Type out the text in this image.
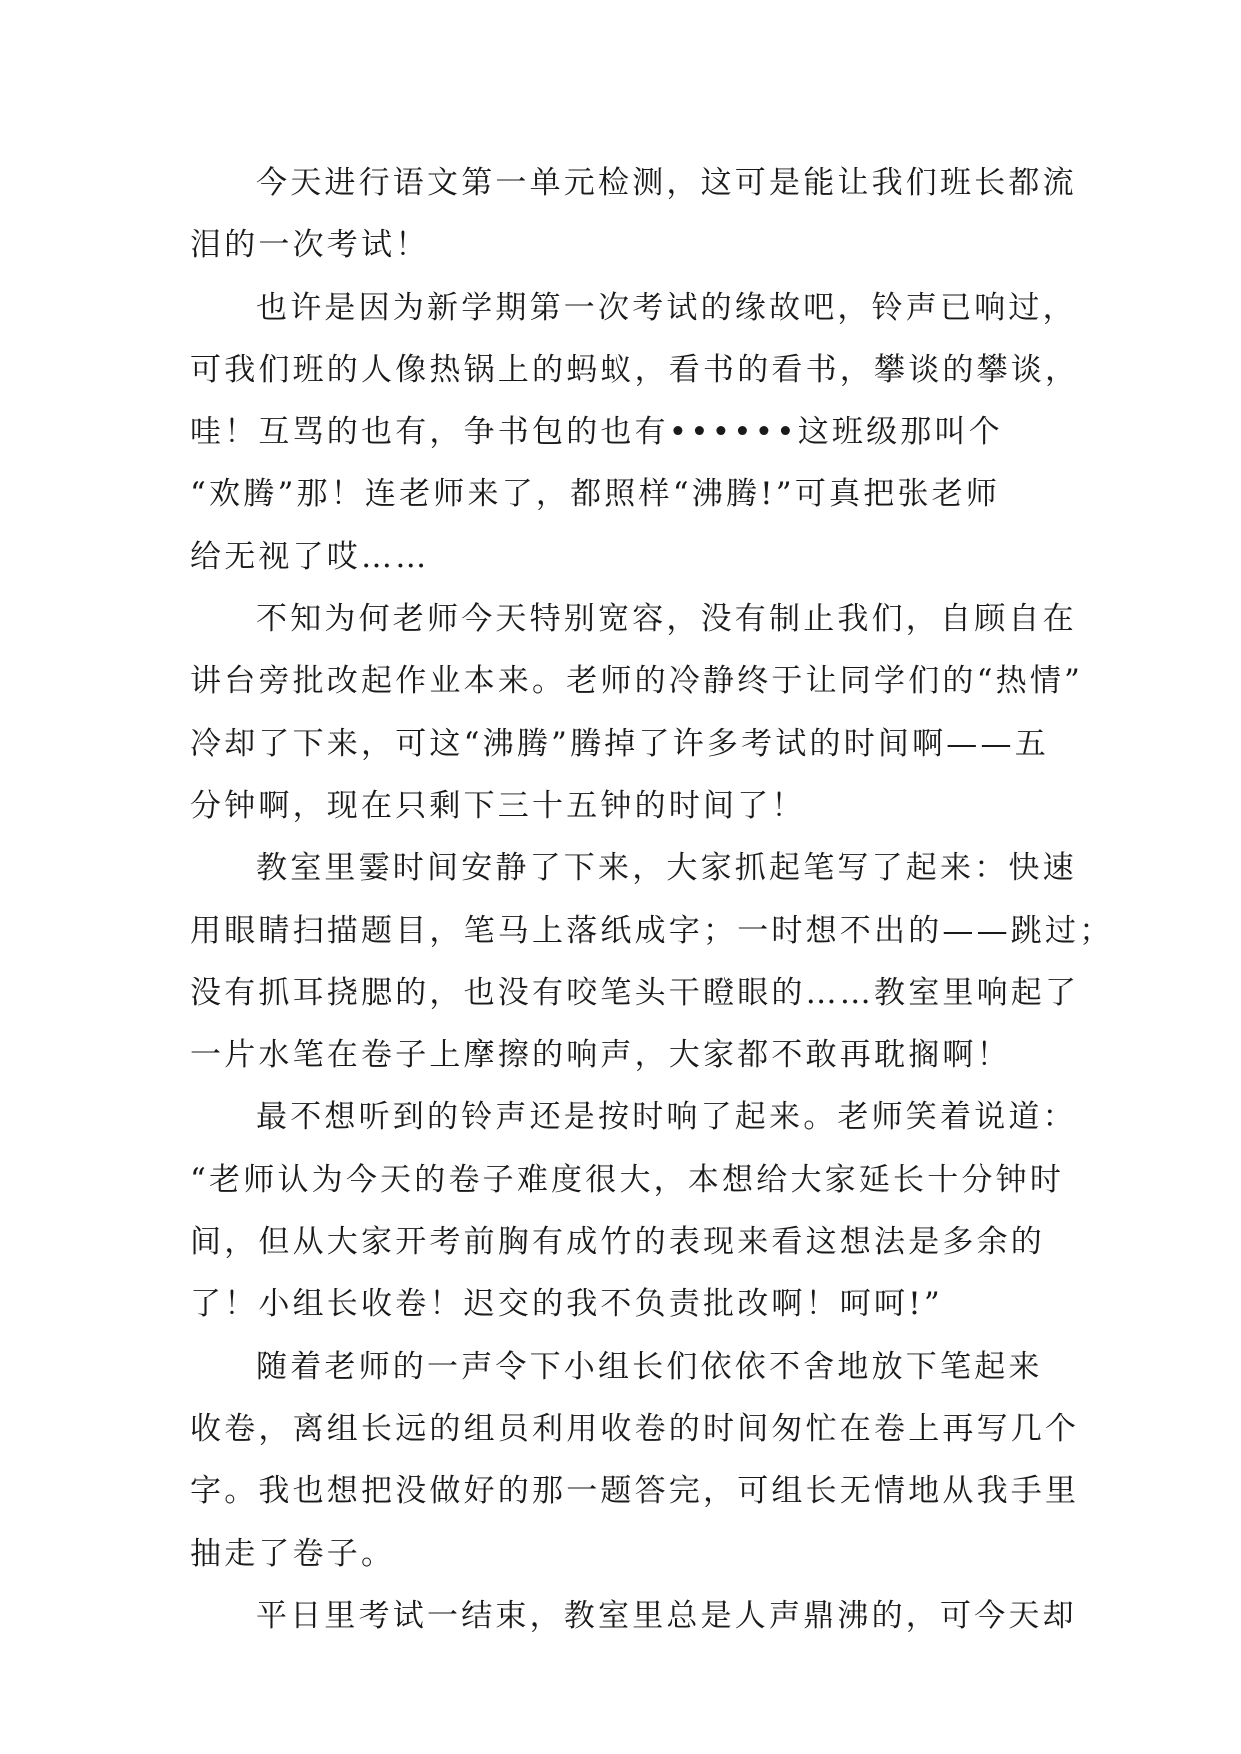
今天进行语文第一单元检测，这可是能让我们班长都流
泪的一次考试！
也许是因为新学期第一次考试的缘故吧，铃声已响过，
可我们班的人像热锅上的蚂蚁，看书的看书，攀谈的攀谈，
哇！互骂的也有，争书包的也有••••••这班级那叫个
“欢腾”那！连老师来了，都照样“沸腾!”可真把张老师
给无视了哎……
不知为何老师今天特别宽容，没有制止我们，自顾自在
讲台旁批改起作业本来。老师的冷静终于让同学们的“热情”
冷却了下来，可这“沸腾”腾掉了许多考试的时间啊——五
分钟啊，现在只剩下三十五钟的时间了！
教室里霎时间安静了下来，大家抓起笔写了起来：快速
用眼睛扫描题目，笔马上落纸成字；一时想不出的——跳过；
没有抓耳挠腮的，也没有咬笔头干瞪眼的……教室里响起了
一片水笔在卷子上摩擦的响声，大家都不敢再耽搁啊！
最不想听到的铃声还是按时响了起来。老师笑着说道：
“老师认为今天的卷子难度很大，本想给大家延长十分钟时
间，但从大家开考前胸有成竹的表现来看这想法是多余的
了！小组长收卷！迟交的我不负责批改啊！呵呵!”
随着老师的一声令下小组长们依依不舍地放下笔起来
收卷，离组长远的组员利用收卷的时间匆忙在卷上再写几个
字。我也想把没做好的那一题答完，可组长无情地从我手里
抽走了卷子。
平日里考试一结束，教室里总是人声鼎沸的，可今天却
